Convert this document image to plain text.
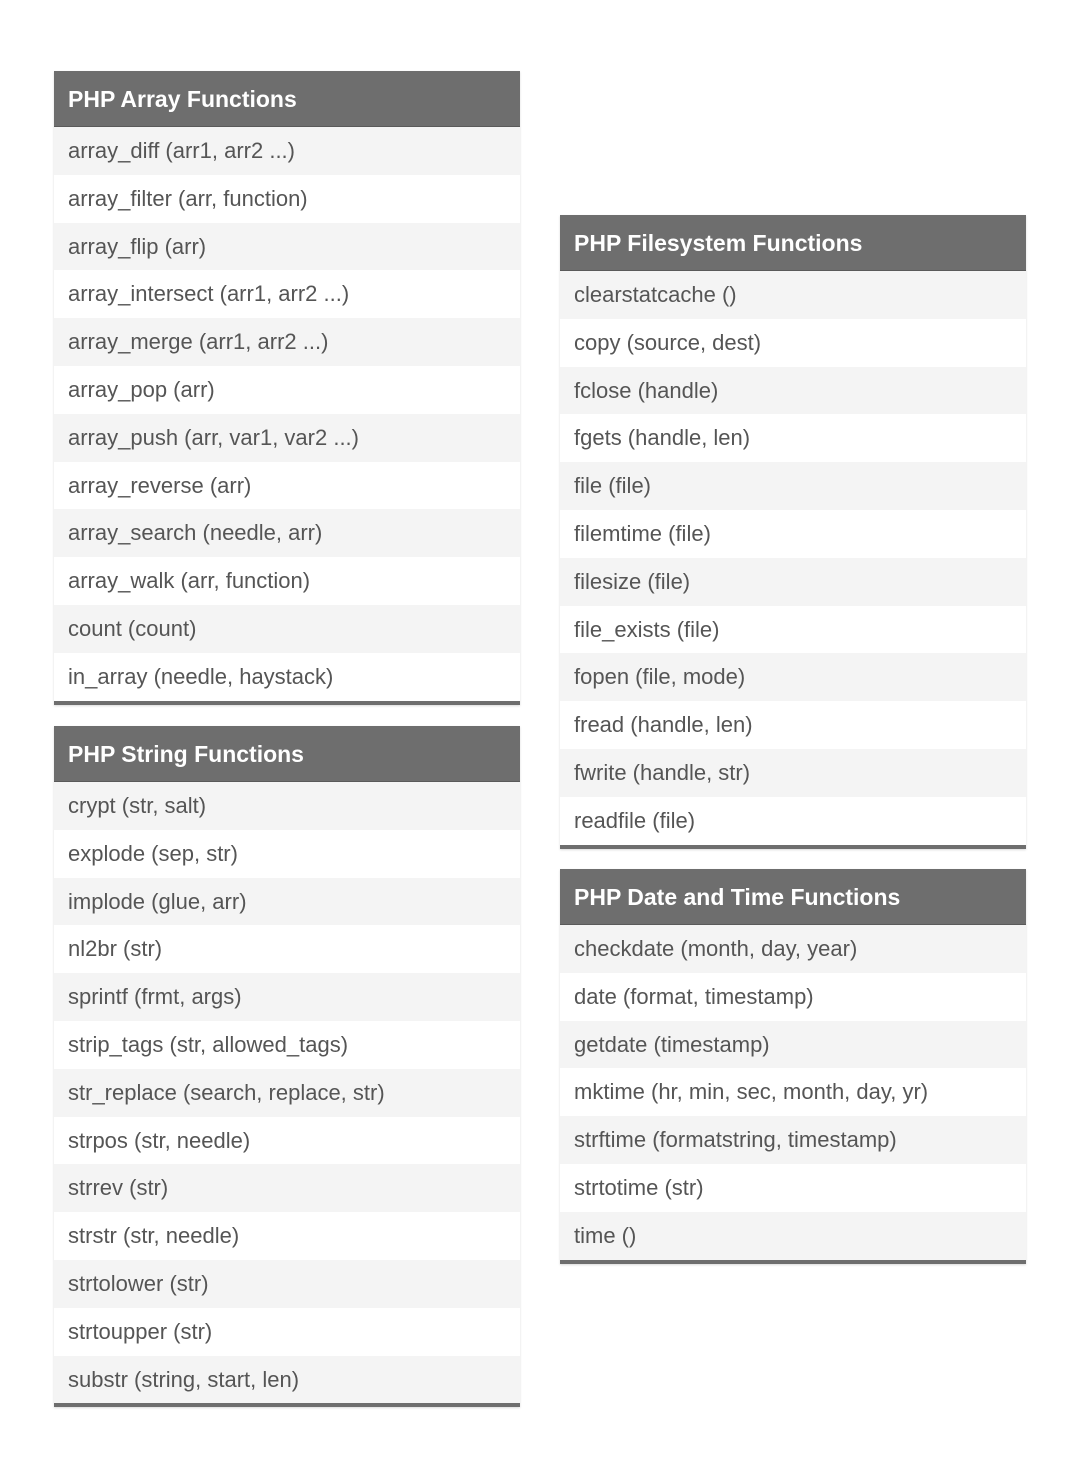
PHP Array Functions
array_diff (arr1, arr2 ...)
array_filter (arr, function)
array_flip (arr)
array_intersect (arr1, arr2 ...)
array_merge (arr1, arr2 ...)
array_pop (arr)
array_push (arr, var1, var2 ...)
array_reverse (arr)
array_search (needle, arr)
array_walk (arr, function)
count (count)
in_array (needle, haystack)
PHP String Functions
crypt (str, salt)
explode (sep, str)
implode (glue, arr)
nl2br (str)
sprintf (frmt, args)
strip_tags (str, allowed_tags)
str_replace (search, replace, str)
strpos (str, needle)
strrev (str)
strstr (str, needle)
strtolower (str)
strtoupper (str)
substr (string, start, len)
PHP Filesystem Functions
clearstatcache ()
copy (source, dest)
fclose (handle)
fgets (handle, len)
file (file)
filemtime (file)
filesize (file)
file_exists (file)
fopen (file, mode)
fread (handle, len)
fwrite (handle, str)
readfile (file)
PHP Date and Time Functions
checkdate (month, day, year)
date (format, timestamp)
getdate (timestamp)
mktime (hr, min, sec, month, day, yr)
strftime (formatstring, timestamp)
strtotime (str)
time ()
